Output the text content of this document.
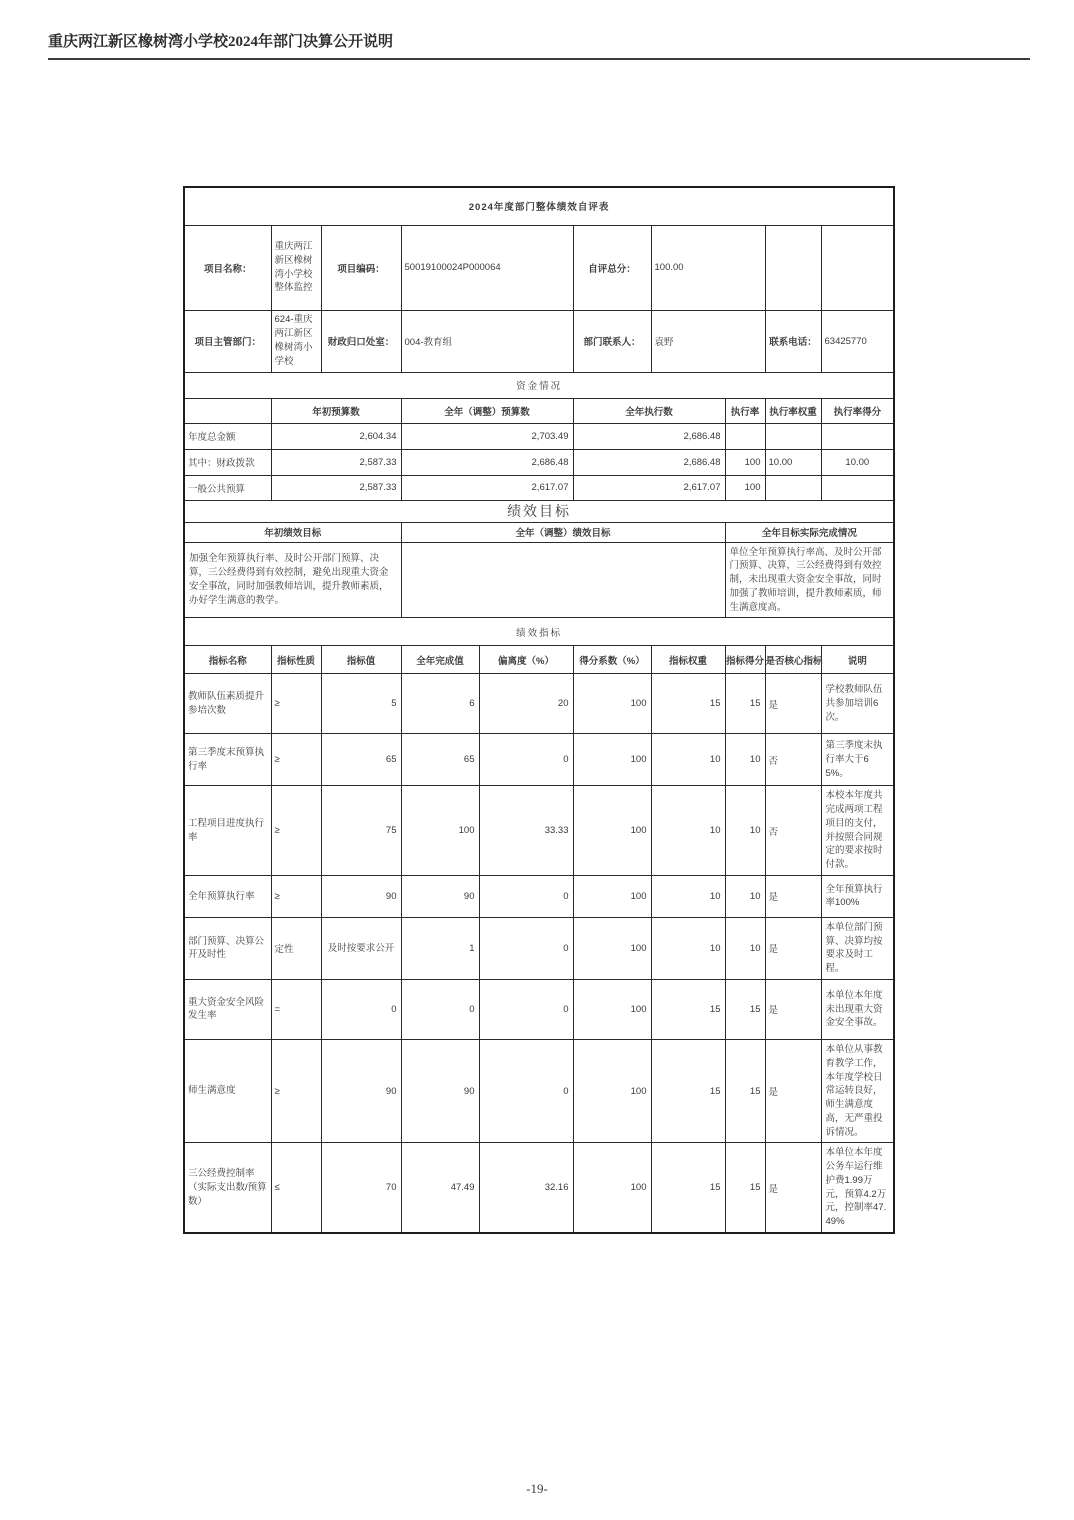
重庆两江新区橡树湾小学校2024年部门决算公开说明
2024年度部门整体绩效自评表									
项目名称：	重庆两江新区橡树湾小学校整体监控	项目编码：	50019100024P000064		自评总分：	100.00			
项目主管部门：	624-重庆两江新区橡树湾小学校	财政归口处室：	004-教育组		部门联系人：	袁野		联系电话：	63425770
资金情况									
	年初预算数		全年（调整）预算数		全年执行数		执行率	执行率权重	执行率得分
年度总金额	2,604.34		2,703.49		2,686.48				
其中：财政拨款	2,587.33		2,686.48		2,686.48		100	10.00	10.00
一般公共预算	2,587.33		2,617.07		2,617.07		100		
绩效目标									
年初绩效目标			全年（调整）绩效目标				全年目标实际完成情况		
加强全年预算执行率、及时公开部门预算、决算，三公经费得到有效控制，避免出现重大资金安全事故，同时加强教师培训，提升教师素质，办好学生满意的教学。							单位全年预算执行率高、及时公开部门预算、决算，三公经费得到有效控制，未出现重大资金安全事故，同时加强了教师培训，提升教师素质，师生满意度高。		
绩效指标									
指标名称	指标性质	指标值	全年完成值	偏离度（%）	得分系数（%）	指标权重	指标得分	是否核心指标	说明
教师队伍素质提升参培次数	≥	5	6	20	100	15	15	是	学校教师队伍共参加培训6次。
第三季度末预算执行率	≥	65	65	0	100	10	10	否	第三季度末执行率大于65%。
工程项目进度执行率	≥	75	100	33.33	100	10	10	否	本校本年度共完成两项工程项目的支付，并按照合同规定的要求按时付款。
全年预算执行率	≥	90	90	0	100	10	10	是	全年预算执行率100%
部门预算、决算公开及时性	定性	及时按要求公开	1	0	100	10	10	是	本单位部门预算、决算均按要求及时工程。
重大资金安全风险发生率	=	0	0	0	100	15	15	是	本单位本年度未出现重大资金安全事故。
师生满意度	≥	90	90	0	100	15	15	是	本单位从事教育教学工作，本年度学校日常运转良好，师生满意度高，无严重投诉情况。
三公经费控制率（实际支出数/预算数）	≤	70	47.49	32.16	100	15	15	是	本单位本年度公务车运行维护费1.99万元，预算4.2万元，控制率47.49%
-19-
